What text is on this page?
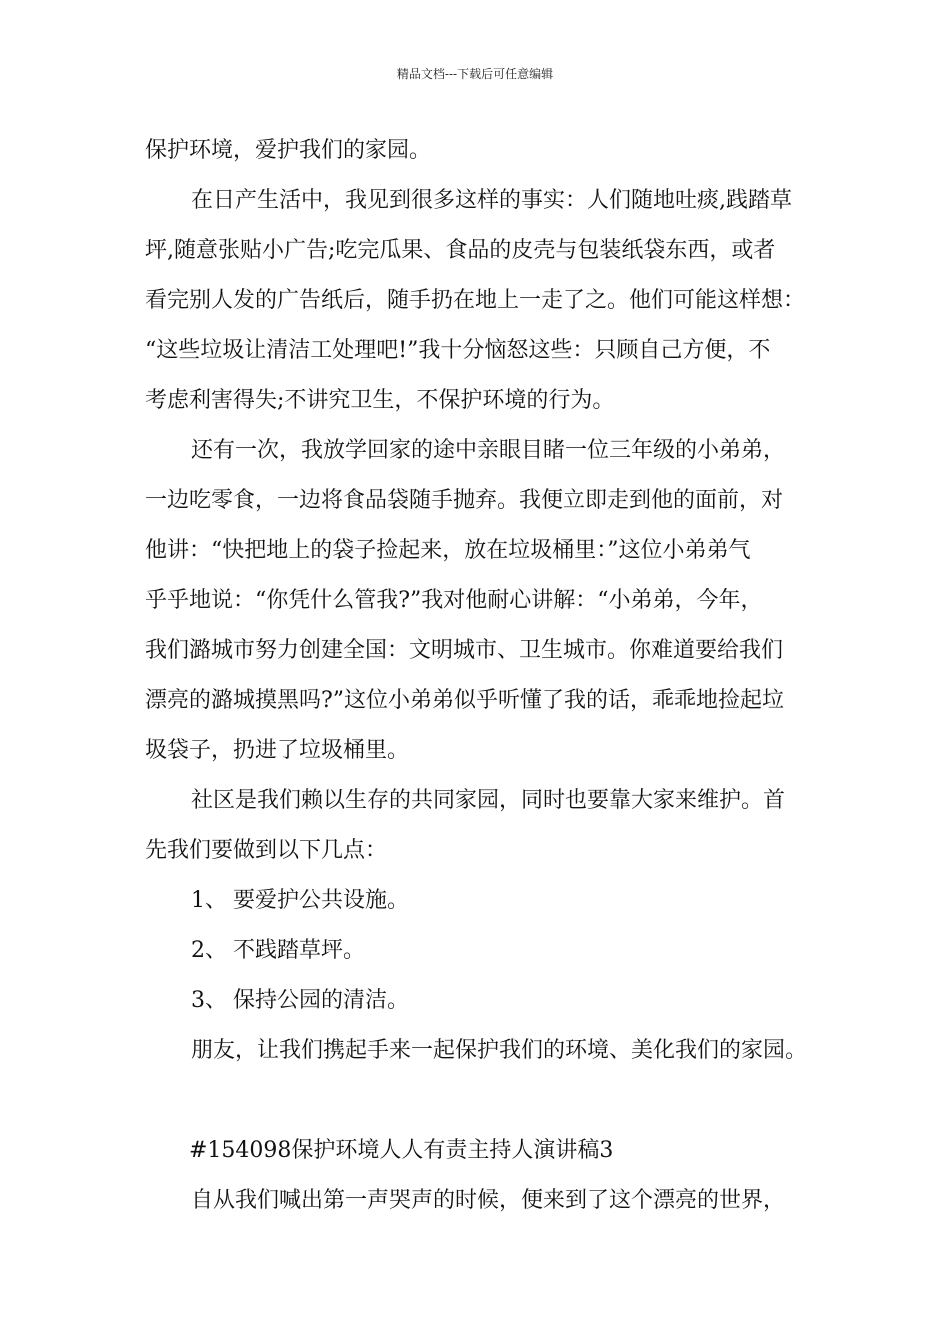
精品文档---下载后可任意编辑

保护环境，爱护我们的家园。

在日产生活中，我见到很多这样的事实：人们随地吐痰,践踏草

坪,随意张贴小广告;吃完瓜果、食品的皮壳与包装纸袋东西，或者

看完别人发的广告纸后，随手扔在地上一走了之。他们可能这样想：

“这些垃圾让清洁工处理吧!”我十分恼怒这些：只顾自己方便，不

考虑利害得失;不讲究卫生，不保护环境的行为。

还有一次，我放学回家的途中亲眼目睹一位三年级的小弟弟，

一边吃零食，一边将食品袋随手抛弃。我便立即走到他的面前，对

他讲：“快把地上的袋子捡起来，放在垃圾桶里：”这位小弟弟气

乎乎地说：“你凭什么管我?”我对他耐心讲解：“小弟弟，今年，

我们潞城市努力创建全国：文明城市、卫生城市。你难道要给我们

漂亮的潞城摸黑吗?”这位小弟弟似乎听懂了我的话，乖乖地捡起垃

圾袋子，扔进了垃圾桶里。

社区是我们赖以生存的共同家园，同时也要靠大家来维护。首

先我们要做到以下几点：

1、 要爱护公共设施。

2、 不践踏草坪。

3、 保持公园的清洁。

朋友，让我们携起手来一起保护我们的环境、美化我们的家园。

#154098保护环境人人有责主持人演讲稿3

自从我们喊出第一声哭声的时候，便来到了这个漂亮的世界，
